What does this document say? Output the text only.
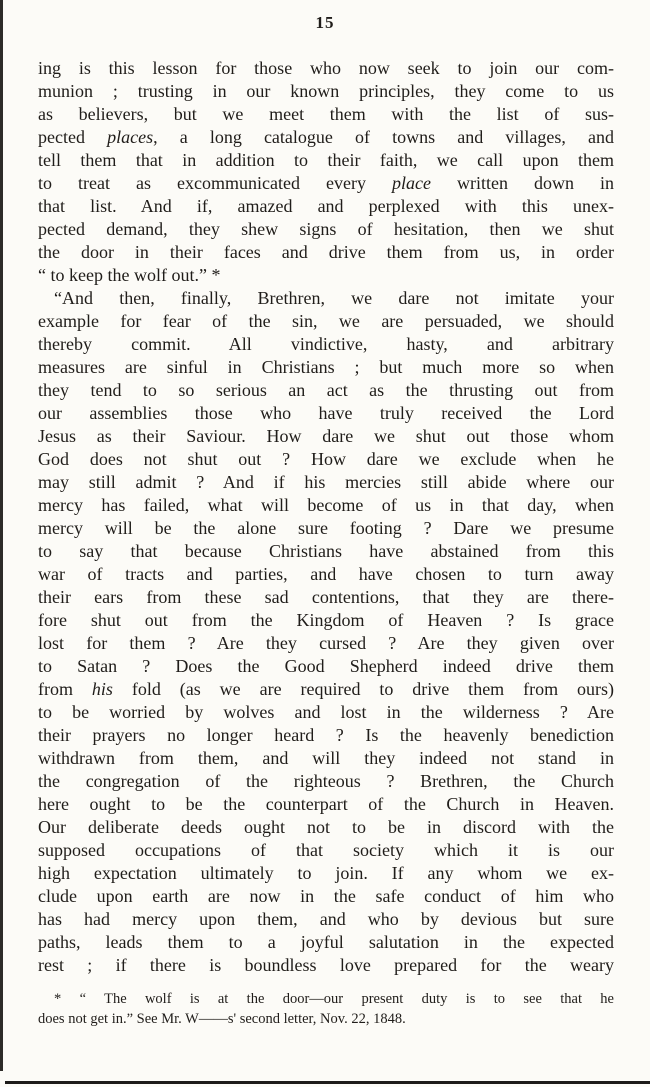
15
ing is this lesson for those who now seek to join our com-
munion ; trusting in our known principles, they come to us
as believers, but we meet them with the list of sus-
pected places, a long catalogue of towns and villages, and
tell them that in addition to their faith, we call upon them
to treat as excommunicated every place written down in
that list. And if, amazed and perplexed with this unex-
pected demand, they shew signs of hesitation, then we shut
the door in their faces and drive them from us, in order
“ to keep the wolf out.” *
“And then, finally, Brethren, we dare not imitate your
example for fear of the sin, we are persuaded, we should
thereby commit. All vindictive, hasty, and arbitrary
measures are sinful in Christians ; but much more so when
they tend to so serious an act as the thrusting out from
our assemblies those who have truly received the Lord
Jesus as their Saviour. How dare we shut out those whom
God does not shut out ? How dare we exclude when he
may still admit ? And if his mercies still abide where our
mercy has failed, what will become of us in that day, when
mercy will be the alone sure footing ? Dare we presume
to say that because Christians have abstained from this
war of tracts and parties, and have chosen to turn away
their ears from these sad contentions, that they are there-
fore shut out from the Kingdom of Heaven ? Is grace
lost for them ? Are they cursed ? Are they given over
to Satan ? Does the Good Shepherd indeed drive them
from his fold (as we are required to drive them from ours)
to be worried by wolves and lost in the wilderness ? Are
their prayers no longer heard ? Is the heavenly benediction
withdrawn from them, and will they indeed not stand in
the congregation of the righteous ? Brethren, the Church
here ought to be the counterpart of the Church in Heaven.
Our deliberate deeds ought not to be in discord with the
supposed occupations of that society which it is our
high expectation ultimately to join. If any whom we ex-
clude upon earth are now in the safe conduct of him who
has had mercy upon them, and who by devious but sure
paths, leads them to a joyful salutation in the expected
rest ; if there is boundless love prepared for the weary
* “ The wolf is at the door—our present duty is to see that he
does not get in.” See Mr. W——s' second letter, Nov. 22, 1848.
